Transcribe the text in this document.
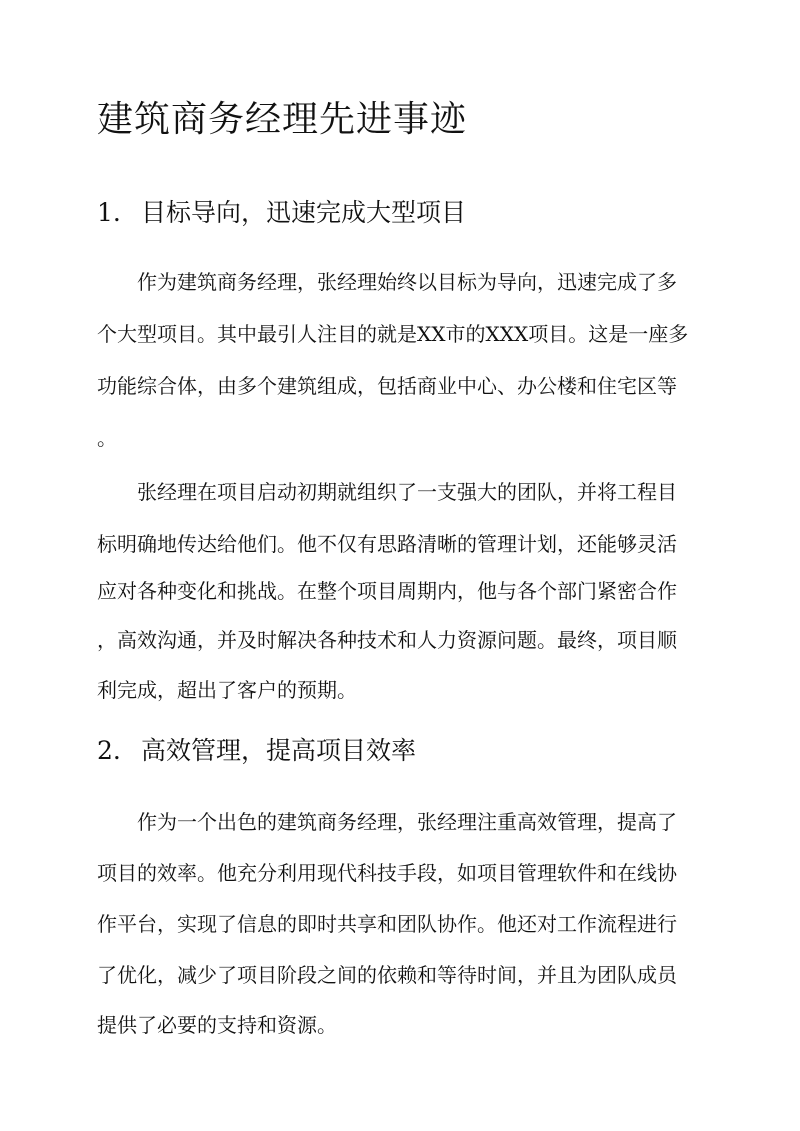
建筑商务经理先进事迹
1. 目标导向，迅速完成大型项目

作为建筑商务经理，张经理始终以目标为导向，迅速完成了多

个大型项目。其中最引人注目的就是XX市的XXX项目。这是一座多

功能综合体，由多个建筑组成，包括商业中心、办公楼和住宅区等

。

张经理在项目启动初期就组织了一支强大的团队，并将工程目

标明确地传达给他们。他不仅有思路清晰的管理计划，还能够灵活

应对各种变化和挑战。在整个项目周期内，他与各个部门紧密合作

，高效沟通，并及时解决各种技术和人力资源问题。最终，项目顺

利完成，超出了客户的预期。

2. 高效管理，提高项目效率

作为一个出色的建筑商务经理，张经理注重高效管理，提高了

项目的效率。他充分利用现代科技手段，如项目管理软件和在线协

作平台，实现了信息的即时共享和团队协作。他还对工作流程进行

了优化，减少了项目阶段之间的依赖和等待时间，并且为团队成员

提供了必要的支持和资源。
